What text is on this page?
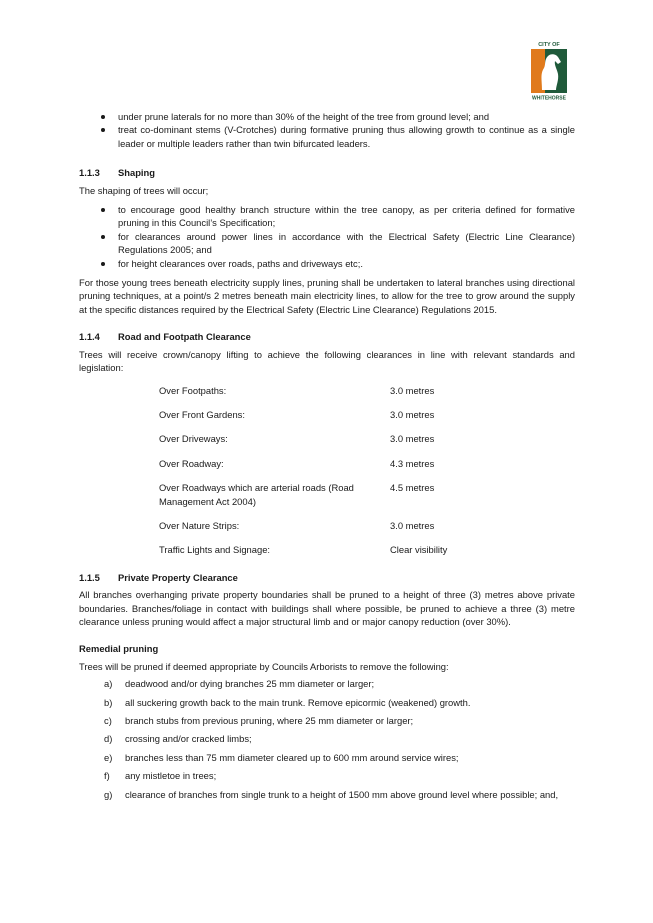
CITY OF
WHITEHORSE
under prune laterals for no more than 30% of the height of the tree from ground level; and
treat co-dominant stems (V-Crotches) during formative pruning thus allowing growth to continue as a single leader or multiple leaders rather than twin bifurcated leaders.
1.1.3	Shaping

The shaping of trees will occur;

to encourage good healthy branch structure within the tree canopy, as per criteria defined for formative pruning in this Council’s Specification;
for clearances around power lines in accordance with the Electrical Safety (Electric Line Clearance) Regulations 2005; and
for height clearances over roads, paths and driveways etc;.

For those young trees beneath electricity supply lines, pruning shall be undertaken to lateral branches using directional pruning techniques, at a point/s 2 metres beneath main electricity lines, to allow for the tree to grow around the supply at the specific distances required by the Electrical Safety (Electric Line Clearance) Regulations 2015.

1.1.4	Road and Footpath Clearance

Trees will receive crown/canopy lifting to achieve the following clearances in line with relevant standards and legislation:

Over Footpaths:	3.0 metres
Over Front Gardens:	3.0 metres
Over Driveways:	3.0 metres
Over Roadway:	4.3 metres
Over Roadways which are arterial roads (Road Management Act 2004)	4.5 metres
Over Nature Strips:	3.0 metres
Traffic Lights and Signage:	Clear visibility
1.1.5	Private Property Clearance

All branches overhanging private property boundaries shall be pruned to a height of three (3) metres above private boundaries. Branches/foliage in contact with buildings shall where possible, be pruned to achieve a three (3) metre clearance unless pruning would affect a major structural limb and or major canopy reduction (over 30%).

Remedial pruning

Trees will be pruned if deemed appropriate by Councils Arborists to remove the following:

a) deadwood and/or dying branches 25 mm diameter or larger;
b) all suckering growth back to the main trunk. Remove epicormic (weakened) growth.
c) branch stubs from previous pruning, where 25 mm diameter or larger;
d) crossing and/or cracked limbs;
e) branches less than 75 mm diameter cleared up to 600 mm around service wires;
f) any mistletoe in trees;
g) clearance of branches from single trunk to a height of 1500 mm above ground level where possible; and,
